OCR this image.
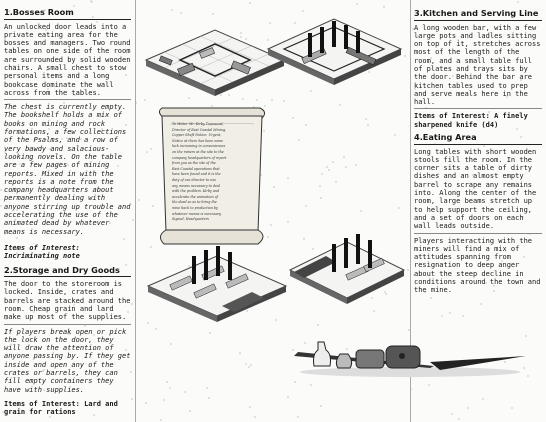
1.Bosses Room
An unlocked door leads into a private eating area for the bosses and managers. Two round tables on one side of the room are surrounded by solid wooden chairs. A small chest to stow personal items and a long bookcase dominate the wall across from the tables.
The chest is currently empty. The bookshelf holds a mix of books on mining and rock formations, a few collections of the Psalms, and a row of very bawdy and salacious-looking novels. On the table are a few pages of mining reports. Mixed in with the reports is a note from the company headquarters about permanently dealing with anyone stirring up trouble and accelerating the use of the animated dead by whatever means is necessary.
Items of Interest: Incriminating note
2.Storage and Dry Goods
The door to the storeroom is locked. Inside, crates and barrels are stacked around the room. Cheap grain and lard make up most of the supplies.
If players break open or pick the lock on the door, they will draw the attention of anyone passing by. If they get inside and open any of the crates or barrels, they can fill empty containers they have with supplies.
Items of Interest: Lard and grain for rations
3.Kitchen and Serving Line
A long wooden bar, with a few large pots and ladles sitting on top of it, stretches across most of the length of the room, and a small table full of plates and trays sits by the door. Behind the bar are kitchen tables used to prep and serve meals here in the hall.
Items of Interest: A finely sharpened knife (d4)
4.Eating Area
Long tables with short wooden stools fill the room. In the corner sits a table of dirty dishes and an almost empty barrel to scrape any remains into. Along the center of the room, large beams stretch up to help support the ceiling, and a set of doors on each wall leads outside.
Players interacting with the miners will find a mix of attitudes spanning from resignation to deep anger about the steep decline in conditions around the town and the mine.
To Mister Mr. Kirby Townsend,
Director of East Coastal Mining,
Copper Shaft Notice: Urgent,
Notice at there has been some
lack increasing in conveniences
on the miners at the site to the
company headquarters of report
from you as the site of the
East Coastal operations that
have been found and it is the
duty of our director to use
any means necessary to deal
with the problem. Kirby and
accelerate the animation of
the dead so as to bring the
mine back to production by
whatever means is necessary.
Signed, Headquarters
